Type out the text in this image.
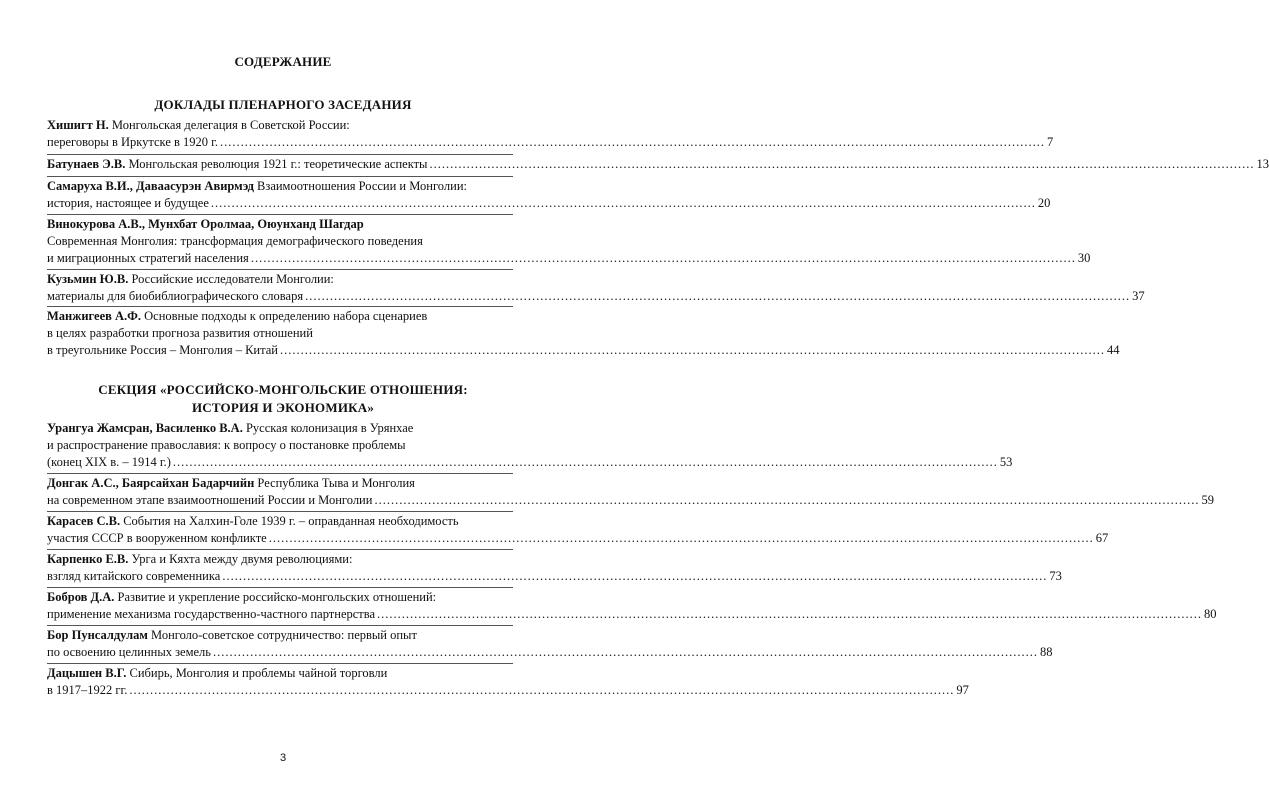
СОДЕРЖАНИЕ
ДОКЛАДЫ ПЛЕНАРНОГО ЗАСЕДАНИЯ
Хишигт Н. Монгольская делегация в Советской России:
переговоры в Иркутске в 1920 г. ........................................................................................................................................................................................................ 7
Батунаев Э.В. Монгольская революция 1921 г.: теоретические аспекты ........................................................................................................................................................................................................ 13
Самаруха В.И., Даваасурэн Авирмэд Взаимоотношения России и Монголии:
история, настоящее и будущее ........................................................................................................................................................................................................ 20
Винокурова А.В., Мунхбат Оролмаа, Оюунханд Шагдар
Современная Монголия: трансформация демографического поведения
и миграционных стратегий населения ........................................................................................................................................................................................................ 30
Кузьмин Ю.В. Российские исследователи Монголии:
материалы для биобиблиографического словаря ........................................................................................................................................................................................................ 37
Манжигеев А.Ф. Основные подходы к определению набора сценариев
в целях разработки прогноза развития отношений
в треугольнике Россия – Монголия – Китай ........................................................................................................................................................................................................ 44
СЕКЦИЯ «РОССИЙСКО-МОНГОЛЬСКИЕ ОТНОШЕНИЯ:
ИСТОРИЯ И ЭКОНОМИКА»
Урангуа Жамсран, Василенко В.А. Русская колонизация в Урянхае
и распространение православия: к вопросу о постановке проблемы
(конец XIX в. – 1914 г.) ........................................................................................................................................................................................................ 53
Донгак А.С., Баярсайхан Бадарчийн Республика Тыва и Монголия
на современном этапе взаимоотношений России и Монголии ........................................................................................................................................................................................................ 59
Карасев С.В. События на Халхин-Голе 1939 г. – оправданная необходимость
участия СССР в вооруженном конфликте ........................................................................................................................................................................................................ 67
Карпенко Е.В. Урга и Кяхта между двумя революциями:
взгляд китайского современника ........................................................................................................................................................................................................ 73
Бобров Д.А. Развитие и укрепление российско-монгольских отношений:
применение механизма государственно-частного партнерства ........................................................................................................................................................................................................ 80
Бор Пунсалдулам Монголо-советское сотрудничество: первый опыт
по освоению целинных земель ........................................................................................................................................................................................................ 88
Дацышен В.Г. Сибирь, Монголия и проблемы чайной торговли
в 1917–1922 гг. ........................................................................................................................................................................................................ 97
3
